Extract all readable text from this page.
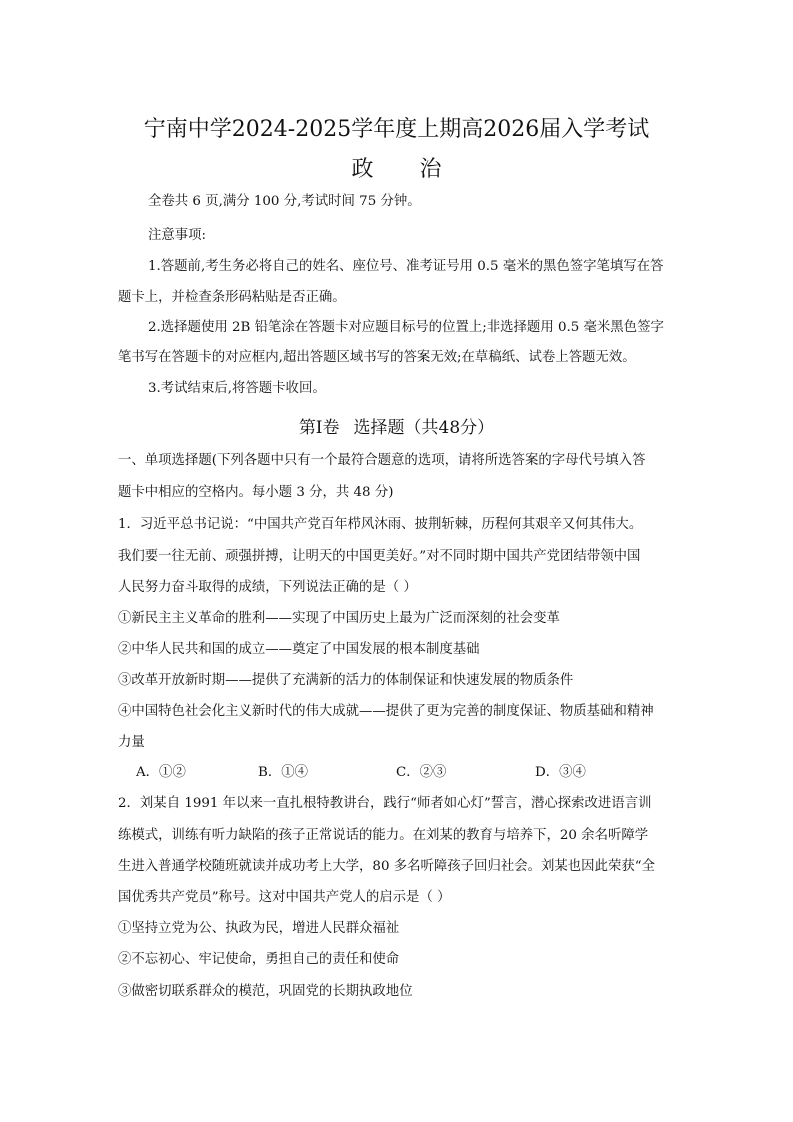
宁南中学2024-2025学年度上期高2026届入学考试
政 治
全卷共 6 页,满分 100 分,考试时间 75 分钟。
注意事项:
1.答题前,考生务必将自己的姓名、座位号、准考证号用 0.5 毫米的黑色签字笔填写在答
题卡上，并检查条形码粘贴是否正确。
2.选择题使用 2B 铅笔涂在答题卡对应题目标号的位置上;非选择题用 0.5 毫米黑色签字
笔书写在答题卡的对应框内,超出答题区域书写的答案无效;在草稿纸、试卷上答题无效。
3.考试结束后,将答题卡收回。
第Ⅰ卷 选择题（共48分）
一、单项选择题(下列各题中只有一个最符合题意的选项，请将所选答案的字母代号填入答
题卡中相应的空格内。每小题 3 分，共 48 分)
1．习近平总书记说：“中国共产党百年栉风沐雨、披荆斩棘，历程何其艰辛又何其伟大。
我们要一往无前、顽强拼搏，让明天的中国更美好。”对不同时期中国共产党团结带领中国
人民努力奋斗取得的成绩，下列说法正确的是（ ）
①新民主主义革命的胜利——实现了中国历史上最为广泛而深刻的社会变革
②中华人民共和国的成立——奠定了中国发展的根本制度基础
③改革开放新时期——提供了充满新的活力的体制保证和快速发展的物质条件
④中国特色社会化主义新时代的伟大成就——提供了更为完善的制度保证、物质基础和精神
力量
A．①②	B．①④	C．②③	D．③④
2．刘某自 1991 年以来一直扎根特教讲台，践行“师者如心灯”誓言，潜心探索改进语言训
练模式，训练有听力缺陷的孩子正常说话的能力。在刘某的教育与培养下，20 余名听障学
生进入普通学校随班就读并成功考上大学，80 多名听障孩子回归社会。刘某也因此荣获“全
国优秀共产党员”称号。这对中国共产党人的启示是（ ）
①坚持立党为公、执政为民，增进人民群众福祉
②不忘初心、牢记使命，勇担自己的责任和使命
③做密切联系群众的模范，巩固党的长期执政地位
